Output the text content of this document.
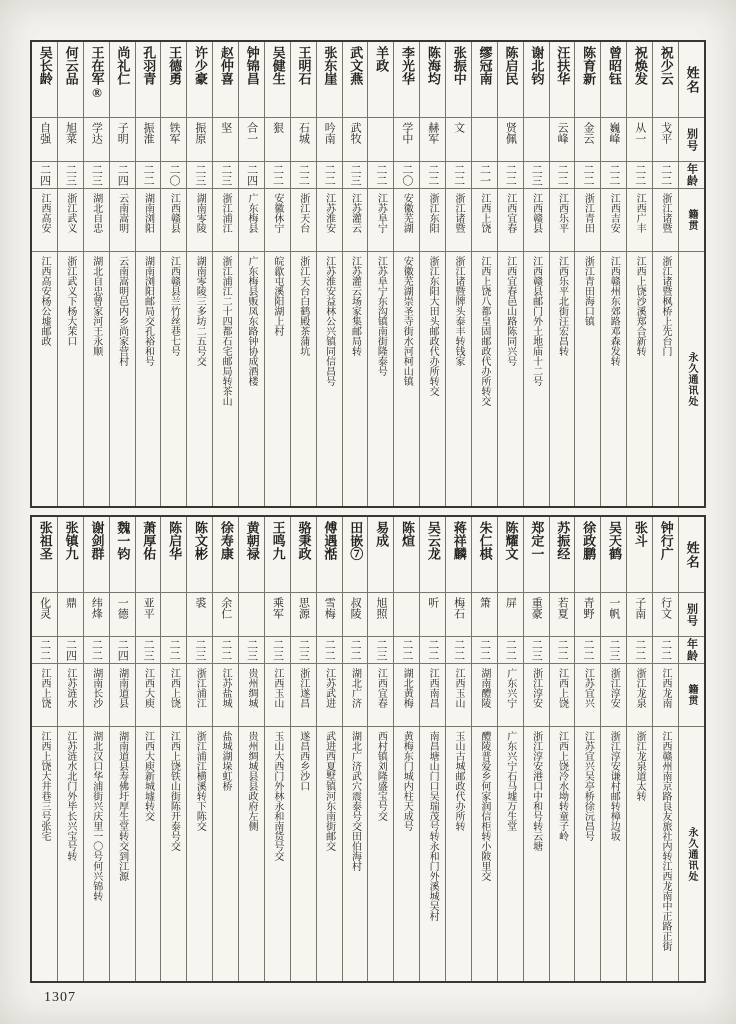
吴长龄
自强
二四
江西高安
江西高安杨公墟邮政
何云品
旭菜
二三
浙江武义
浙江武义下杨大茉口
王在军®
学达
二三
湖北自忠
湖北自忠曾家河王永顺
尚礼仁
子明
二四
云南嵩明
云南嵩明邑内乡尚家营村
孔羽青
振淮
二二
湖南浏阳
湖南浏阳邮局交孔裕和号
王德勇
铁军
二〇
江西赣县
江西赣县兰竹丝巷七号
许少豪
振原
二三
湖南零陵
湖南零陵三多坊二五号交
赵仲喜
坚
二三
浙江浦江
浙江浦江二十四都石宅邮局转茶山
钟锦昌
合一
二四
广东梅县
广东梅县贩凤东路钟协成酒楼
吴健生
狠
二二
安徽休宁
皖歙屯溪阳湖上村
王明石
石城
二二
浙江天台
浙江天台白鹤殿茶蒲坑
张东崖
吟南
二二
江苏淮安
江苏淮安益林公兴镇同信昌号
武文燕
武牧
二三
江苏灌云
江苏灌云场家集邮局转
羊政
二二
江苏阜宁
江苏阜宁东沟镇南街隆泰号
李光华
学中
二〇
安徽芜湖
安徽芜湖崇圣寺街水河柯山镇
陈海均
赫军
二二
浙江东阳
浙江东阳大田头邮政代办所转交
张振中
文
二二
浙江诸暨
浙江诸暨牌头泰丰转钱家
缪冠南
二一
江西上饶
江西上饶八都皇固邮政代办所转交
陈启民
贤佩
二二
江西宜春
江西宜春邑山路陈同兴号
谢北钧
二三
江西赣县
江西赣县邮门外土地庙十二号
汪扶华
云峰
二二
江西乐平
江西乐平北街汪宏昌转
陈育新
金云
二二
浙江青田
浙江青田海口镇
曾昭钰
巍峰
二二
江西吉安
江西赣州东郊路邓森发转
祝焕发
从一
二二
江西广丰
江西上饶沙溪郑合新转
祝少云
戈平
二二
浙江诸暨
浙江诸暨枫桥上先台门
姓名
别号
年龄
籍贯
永久通讯处
张祖圣
化灵
二二
江西上饶
江西上饶大井巷三号张宅
张镇九
鼎
二四
江苏涟水
江苏涟水北门外毕长兴宝号转
谢剑群
纬烽
二二
湖南长沙
湖北汉口华浦街兴庆里一〇号何兴锦转
魏一钧
一德
二四
湖南道县
湖南道县寿佛圩厚生堂转交到江源
萧厚佑
亚平
二三
江西大庾
江西大庾新城墟转交
陈启华
二二
江西上饶
江西上饶铁山街陈开泰号交
陈文彬
裘
二三
浙江浦江
浙江浦江横溪转下陈交
徐寿康
余仁
二二
江苏盐城
盐城湖垛虹桥
黄朝禄
二三
贵州绸城
贵州绸城县县政府左侧
王鸣九
乘军
二三
江西玉山
玉山大西门外林永和南货号交
骆秉政
思源
二三
浙江遂昌
遂昌西乡沙口
傅遇湉
雪梅
二二
江苏武进
武进西夏墅镇河东南街邮交
田嵌⑦
叔陵
二二
湖北广济
湖北广济武穴震泰号交田伯海村
易成
旭照
二三
江西宜春
西村镇刘隆盛宝号交
陈煊
二二
湖北黄梅
黄梅东门城内柱天成号
吴云龙
听
二二
江西南昌
南昌塘山门口吴瑞茂号转永和门外溪城吴村
蒋祥麟
梅石
二二
江西玉山
玉山古城邮政代办所转
朱仁棋
箫
二二
湖南醴陵
醴陵普爱乡何家润信柜转小陂里交
陈耀文
屏
二二
广东兴宁
广东兴宁石马墟万生堂
郑定一
重豪
二三
浙江淳安
浙江淳安港口中和号转云塘
苏振经
若夏
二二
江西上饶
江西上饶冷水坳转童子岭
徐政鹏
青野
二二
江苏宜兴
江苏宜兴吴亭桥徐沅昌号
吴天鹤
一帆
二三
浙江淳安
浙江淳安谦村邮转樟边坂
张斗
子南
二二
浙江龙泉
浙江龙泉道太转
钟行广
行文
二二
江西龙南
江西赣州南京路良友旅社内转江西龙南中正路正街
姓名
别号
年龄
籍贯
永久通讯处
1307
